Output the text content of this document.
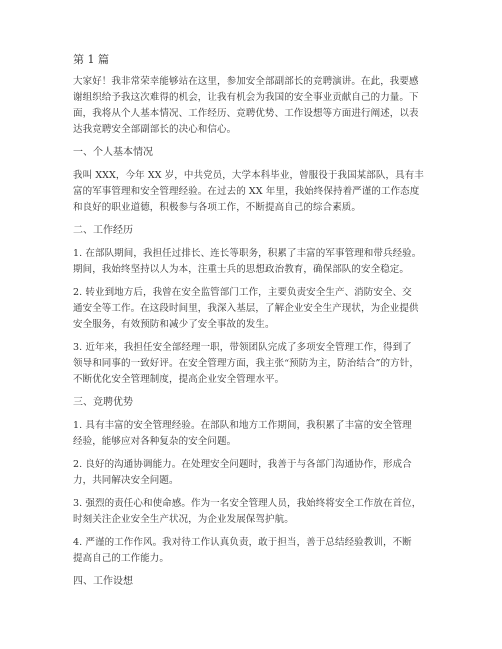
第 1 篇
大家好！我非常荣幸能够站在这里，参加安全部副部长的竞聘演讲。在此，我要感
谢组织给予我这次难得的机会，让我有机会为我国的安全事业贡献自己的力量。下
面，我将从个人基本情况、工作经历、竞聘优势、工作设想等方面进行阐述，以表
达我竞聘安全部副部长的决心和信心。
一、个人基本情况
我叫 XXX，今年 XX 岁，中共党员，大学本科毕业，曾服役于我国某部队，具有丰
富的军事管理和安全管理经验。在过去的 XX 年里，我始终保持着严谨的工作态度
和良好的职业道德，积极参与各项工作，不断提高自己的综合素质。
二、工作经历
1. 在部队期间，我担任过排长、连长等职务，积累了丰富的军事管理和带兵经验。
期间，我始终坚持以人为本，注重士兵的思想政治教育，确保部队的安全稳定。
2. 转业到地方后，我曾在安全监管部门工作，主要负责安全生产、消防安全、交
通安全等工作。在这段时间里，我深入基层，了解企业安全生产现状，为企业提供
安全服务，有效预防和减少了安全事故的发生。
3. 近年来，我担任安全部经理一职，带领团队完成了多项安全管理工作，得到了
领导和同事的一致好评。在安全管理方面，我主张“预防为主，防治结合”的方针，
不断优化安全管理制度，提高企业安全管理水平。
三、竞聘优势
1. 具有丰富的安全管理经验。在部队和地方工作期间，我积累了丰富的安全管理
经验，能够应对各种复杂的安全问题。
2. 良好的沟通协调能力。在处理安全问题时，我善于与各部门沟通协作，形成合
力，共同解决安全问题。
3. 强烈的责任心和使命感。作为一名安全管理人员，我始终将安全工作放在首位，
时刻关注企业安全生产状况，为企业发展保驾护航。
4. 严谨的工作作风。我对待工作认真负责，敢于担当，善于总结经验教训，不断
提高自己的工作能力。
四、工作设想
